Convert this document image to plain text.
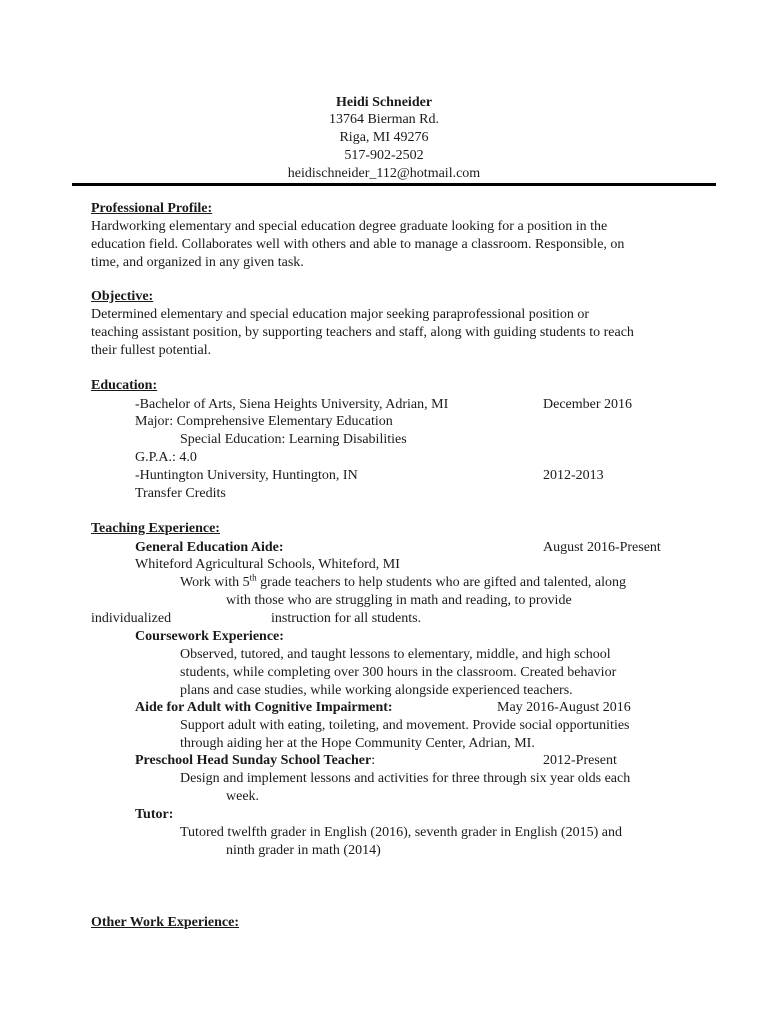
Heidi Schneider
13764 Bierman Rd.
Riga, MI 49276
517-902-2502
heidischneider_112@hotmail.com
Professional Profile:
Hardworking elementary and special education degree graduate looking for a position in the
education field. Collaborates well with others and able to manage a classroom. Responsible, on
time, and organized in any given task.
Objective:
Determined elementary and special education major seeking paraprofessional position or
teaching assistant position, by supporting teachers and staff, along with guiding students to reach
their fullest potential.
Education:
-Bachelor of Arts, Siena Heights University, Adrian, MI	December 2016
Major: Comprehensive Elementary Education
Special Education: Learning Disabilities
G.P.A.: 4.0
-Huntington University, Huntington, IN	2012-2013
Transfer Credits
Teaching Experience:
General Education Aide:	August 2016-Present
Whiteford Agricultural Schools, Whiteford, MI
Work with 5th grade teachers to help students who are gifted and talented, along
with those who are struggling in math and reading, to provide
individualized	instruction for all students.
Coursework Experience:
Observed, tutored, and taught lessons to elementary, middle, and high school
students, while completing over 300 hours in the classroom. Created behavior
plans and case studies, while working alongside experienced teachers.
Aide for Adult with Cognitive Impairment:	May 2016-August 2016
Support adult with eating, toileting, and movement. Provide social opportunities
through aiding her at the Hope Community Center, Adrian, MI.
Preschool Head Sunday School Teacher:	2012-Present
Design and implement lessons and activities for three through six year olds each
week.
Tutor:
Tutored twelfth grader in English (2016), seventh grader in English (2015) and
ninth grader in math (2014)
Other Work Experience:
